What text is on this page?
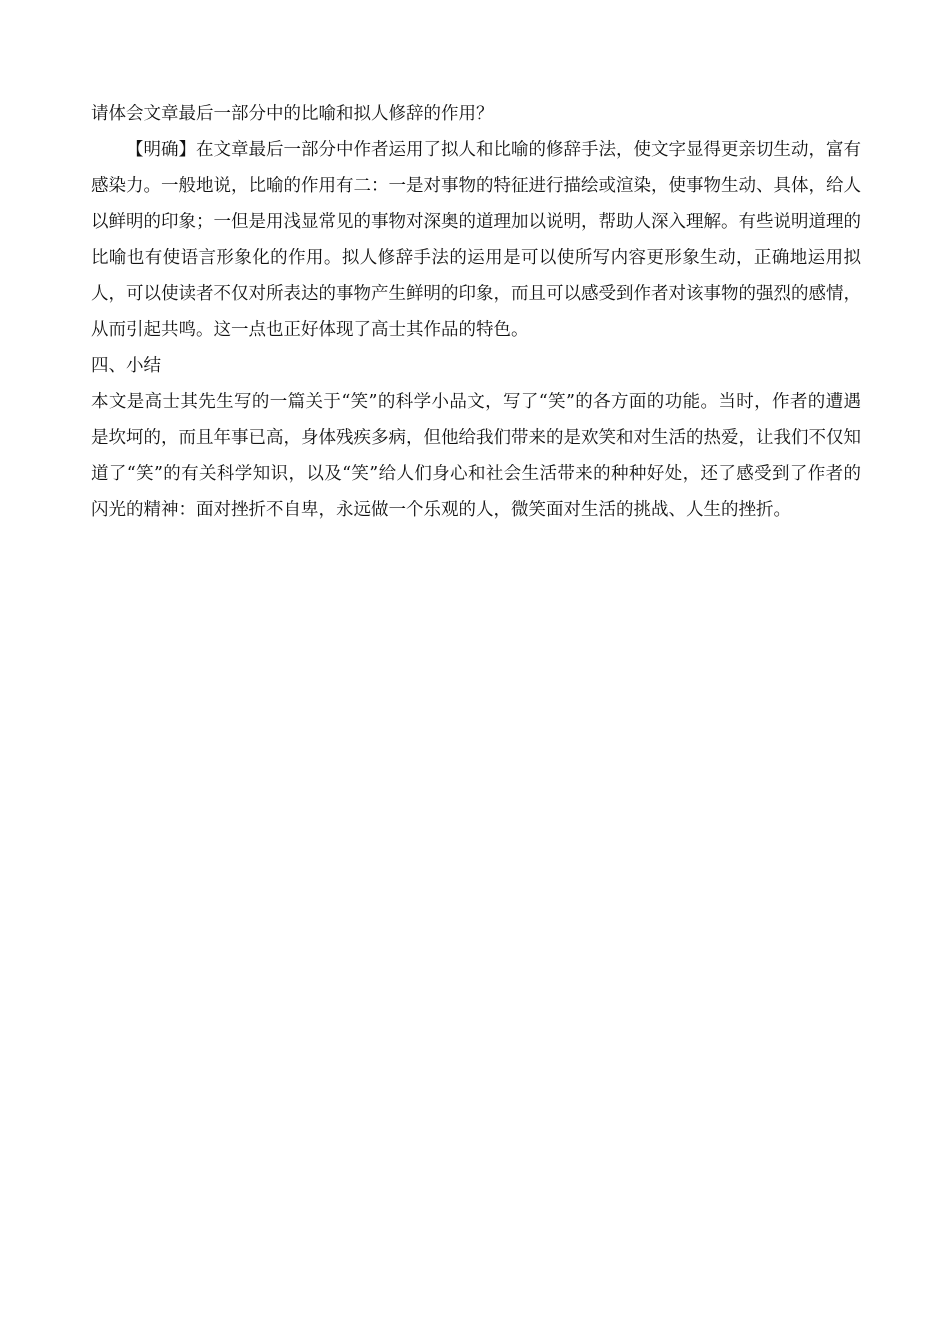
请体会文章最后一部分中的比喻和拟人修辞的作用？

【明确】在文章最后一部分中作者运用了拟人和比喻的修辞手法，使文字显得更亲切生动，富有感染力。一般地说，比喻的作用有二：一是对事物的特征进行描绘或渲染，使事物生动、具体，给人以鲜明的印象；一但是用浅显常见的事物对深奥的道理加以说明，帮助人深入理解。有些说明道理的比喻也有使语言形象化的作用。拟人修辞手法的运用是可以使所写内容更形象生动，正确地运用拟人，可以使读者不仅对所表达的事物产生鲜明的印象，而且可以感受到作者对该事物的强烈的感情，从而引起共鸣。这一点也正好体现了高士其作品的特色。

四、小结

本文是高士其先生写的一篇关于“笑”的科学小品文，写了“笑”的各方面的功能。当时，作者的遭遇是坎坷的，而且年事已高，身体残疾多病，但他给我们带来的是欢笑和对生活的热爱，让我们不仅知道了“笑”的有关科学知识，以及“笑”给人们身心和社会生活带来的种种好处，还了感受到了作者的闪光的精神：面对挫折不自卑，永远做一个乐观的人，微笑面对生活的挑战、人生的挫折。
